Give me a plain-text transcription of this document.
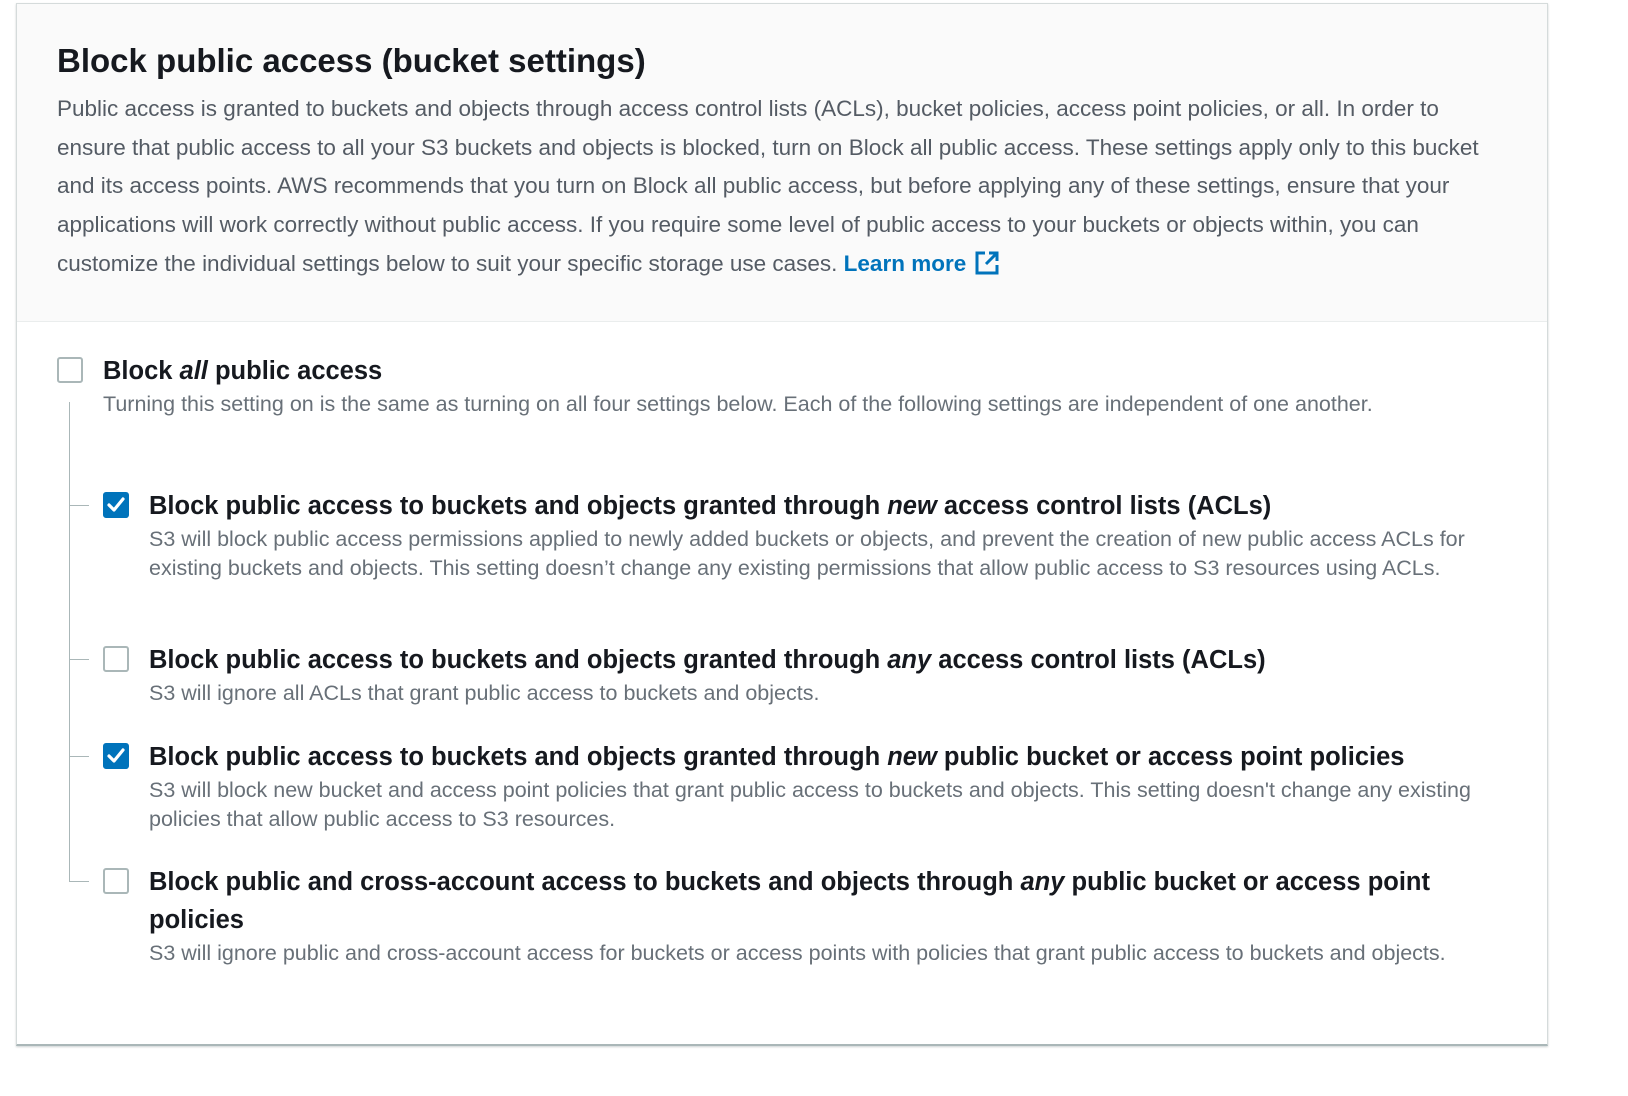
Block public access (bucket settings)

Public access is granted to buckets and objects through access control lists (ACLs), bucket policies, access point policies, or all. In order to ensure that public access to all your S3 buckets and objects is blocked, turn on Block all public access. These settings apply only to this bucket and its access points. AWS recommends that you turn on Block all public access, but before applying any of these settings, ensure that your applications will work correctly without public access. If you require some level of public access to your buckets or objects within, you can customize the individual settings below to suit your specific storage use cases. Learn more

Block all public access
Turning this setting on is the same as turning on all four settings below. Each of the following settings are independent of one another.
Block public access to buckets and objects granted through new access control lists (ACLs)
S3 will block public access permissions applied to newly added buckets or objects, and prevent the creation of new public access ACLs for existing buckets and objects. This setting doesn’t change any existing permissions that allow public access to S3 resources using ACLs.
Block public access to buckets and objects granted through any access control lists (ACLs)
S3 will ignore all ACLs that grant public access to buckets and objects.
Block public access to buckets and objects granted through new public bucket or access point policies
S3 will block new bucket and access point policies that grant public access to buckets and objects. This setting doesn't change any existing policies that allow public access to S3 resources.
Block public and cross-account access to buckets and objects through any public bucket or access point policies
S3 will ignore public and cross-account access for buckets or access points with policies that grant public access to buckets and objects.
